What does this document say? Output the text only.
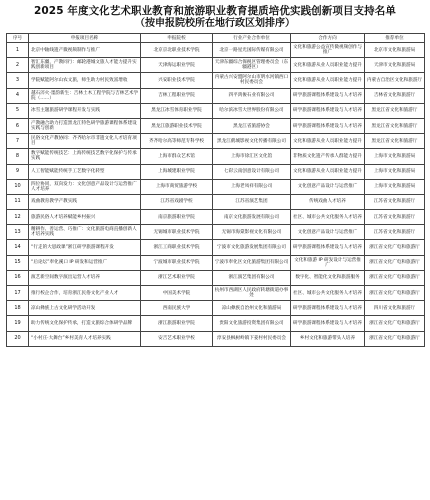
2025 年度文化艺术职业教育和旅游职业教育提质培优实践创新项目支持名单
（按申报院校所在地行政区划排序）
序号	申报项目名称	申报院校	行业产业合作单位	合作方向	推荐单位
1	北京中轴线遗产微视频制作与推广	北京京北职业技术学院	北京一路星光国际传媒有限公司	文化和旅游公益宣传微视频创作与推广	北京市文化和旅游局
2	智汇东疆，产教同行：邮轮港城文旅人才能力提升实践创新项目	天津海运职业学院	天津东疆综合保税区管理委员会（东疆港区）	文化和旅游从业人员职业能力提升	天津市文化和旅游局
3	学院赋能阿尔山农文旅，师生助力村民致富增收	兴安职业技术学院	内蒙古兴安盟阿尔山市明水河镇西口村民委员会	文化和旅游从业人员职业能力提升	内蒙古自治区文化和旅游厅
4	越石淬火·墨韵新生：吉林土木工程学院与吉林艺术学院（……）	吉林工程职业学院	四平鸿俊石业有限公司	研学旅游课程体系建设与人才培养	吉林省文化和旅游厅
5	冰雪主题旅游研学课程开发与实践	黑龙江冰雪体育职业学院	哈尔滨冰雪大世界股份有限公司	研学旅游课程体系建设与人才培养	黑龙江省文化和旅游厅
6	产教融合助力打造黑龙江特色研学旅游课程体系建设实践与创新	黑龙江旅游职业技术学院	黑龙江省旅游协会	研学旅游课程体系建设与人才培养	黑龙江省文化和旅游厅
7	民俗文化产教协同：齐齐哈尔市非遗文化人才培育项目	齐齐哈尔高等师范专科学校	黑龙江鹤城影视文化传播有限公司	文化和旅游从业人员职业能力提升	黑龙江省文化和旅游厅
8	数字赋能传统技艺：上海传统技艺数字化保护与传承实践	上海市群众艺术馆	上海市徐汇区文化馆	非物质文化遗产传承人群能力提升	上海市文化和旅游局
9	人工智能赋能传统手工艺数字化转型	上海城建职业学院	七彩云南创意设计有限公司	文化和旅游从业人员职业能力提升	上海市文化和旅游局
10	四位协同，双向发力：文化创意产品设计与运营推广人才培养	上海市商贸旅游学校	上海老凤祥有限公司	文化创意产品设计与运营推广	上海市文化和旅游局
11	戏曲教育教学产教实践	江苏省戏剧学校	江苏省演艺集团	传统戏曲人才培养	江苏省文化和旅游厅
12	旅游民俗人才培养赋能乡村振兴	南京旅游职业学院	南京文化旅游发展有限公司	社区、城市公共文化服务人才培养	江苏省文化和旅游厅
13	精耕作、善运营、巧推广：文化旅游电商直播创新人才培养实践	无锡城市职业技术学院	无锡市海棠影视文化有限公司	文化创意产品设计与运营推广	江苏省文化和旅游厅
14	“行走的大思政课”浙江研学旅游课程开发	浙江工商职业技术学院	宁波市文化旅游发展集团有限公司	研学旅游课程体系建设与人才培养	浙江省文化广电和旅游厅
15	“后论坛”奉化溪口 IP 研发和运营推广	宁波城市职业技术学院	宁波市奉化区文化旅游集团有限公司	文化和旅游 IP 研发设计与运营推广	浙江省文化广电和旅游厅
16	演艺新空间数字演出运营人才培养	浙江艺术职业学院	浙江演艺集团有限公司	数字化、智能化文化和旅游服务	浙江省文化广电和旅游厅
17	推行校企合作，培育浙江民俗文化产业人才	中国美术学院	杭州市西湖区人民政府转塘街道办事处	社区、城市公共文化服务人才培养	浙江省文化广电和旅游厅
18	凉山彝族上古文化研学活动开发	西南民族大学	凉山彝族自治州文化和旅游局	研学旅游课程体系建设与人才培养	四川省文化和旅游厅
19	助力传统文化保护传承，打造文旅综合体研学品牌	浙江旅游职业学院	贵阳文化旅游投资集团有限公司	研学旅游课程体系建设与人才培养	浙江省文化广电和旅游厅
20	“小村庄·大舞台”乡村美育人才培养实践	安吉艺术职业学校	淳安县枫树岭镇下姜村村民委员会	乡村文化和旅游带头人培养	浙江省文化广电和旅游厅
